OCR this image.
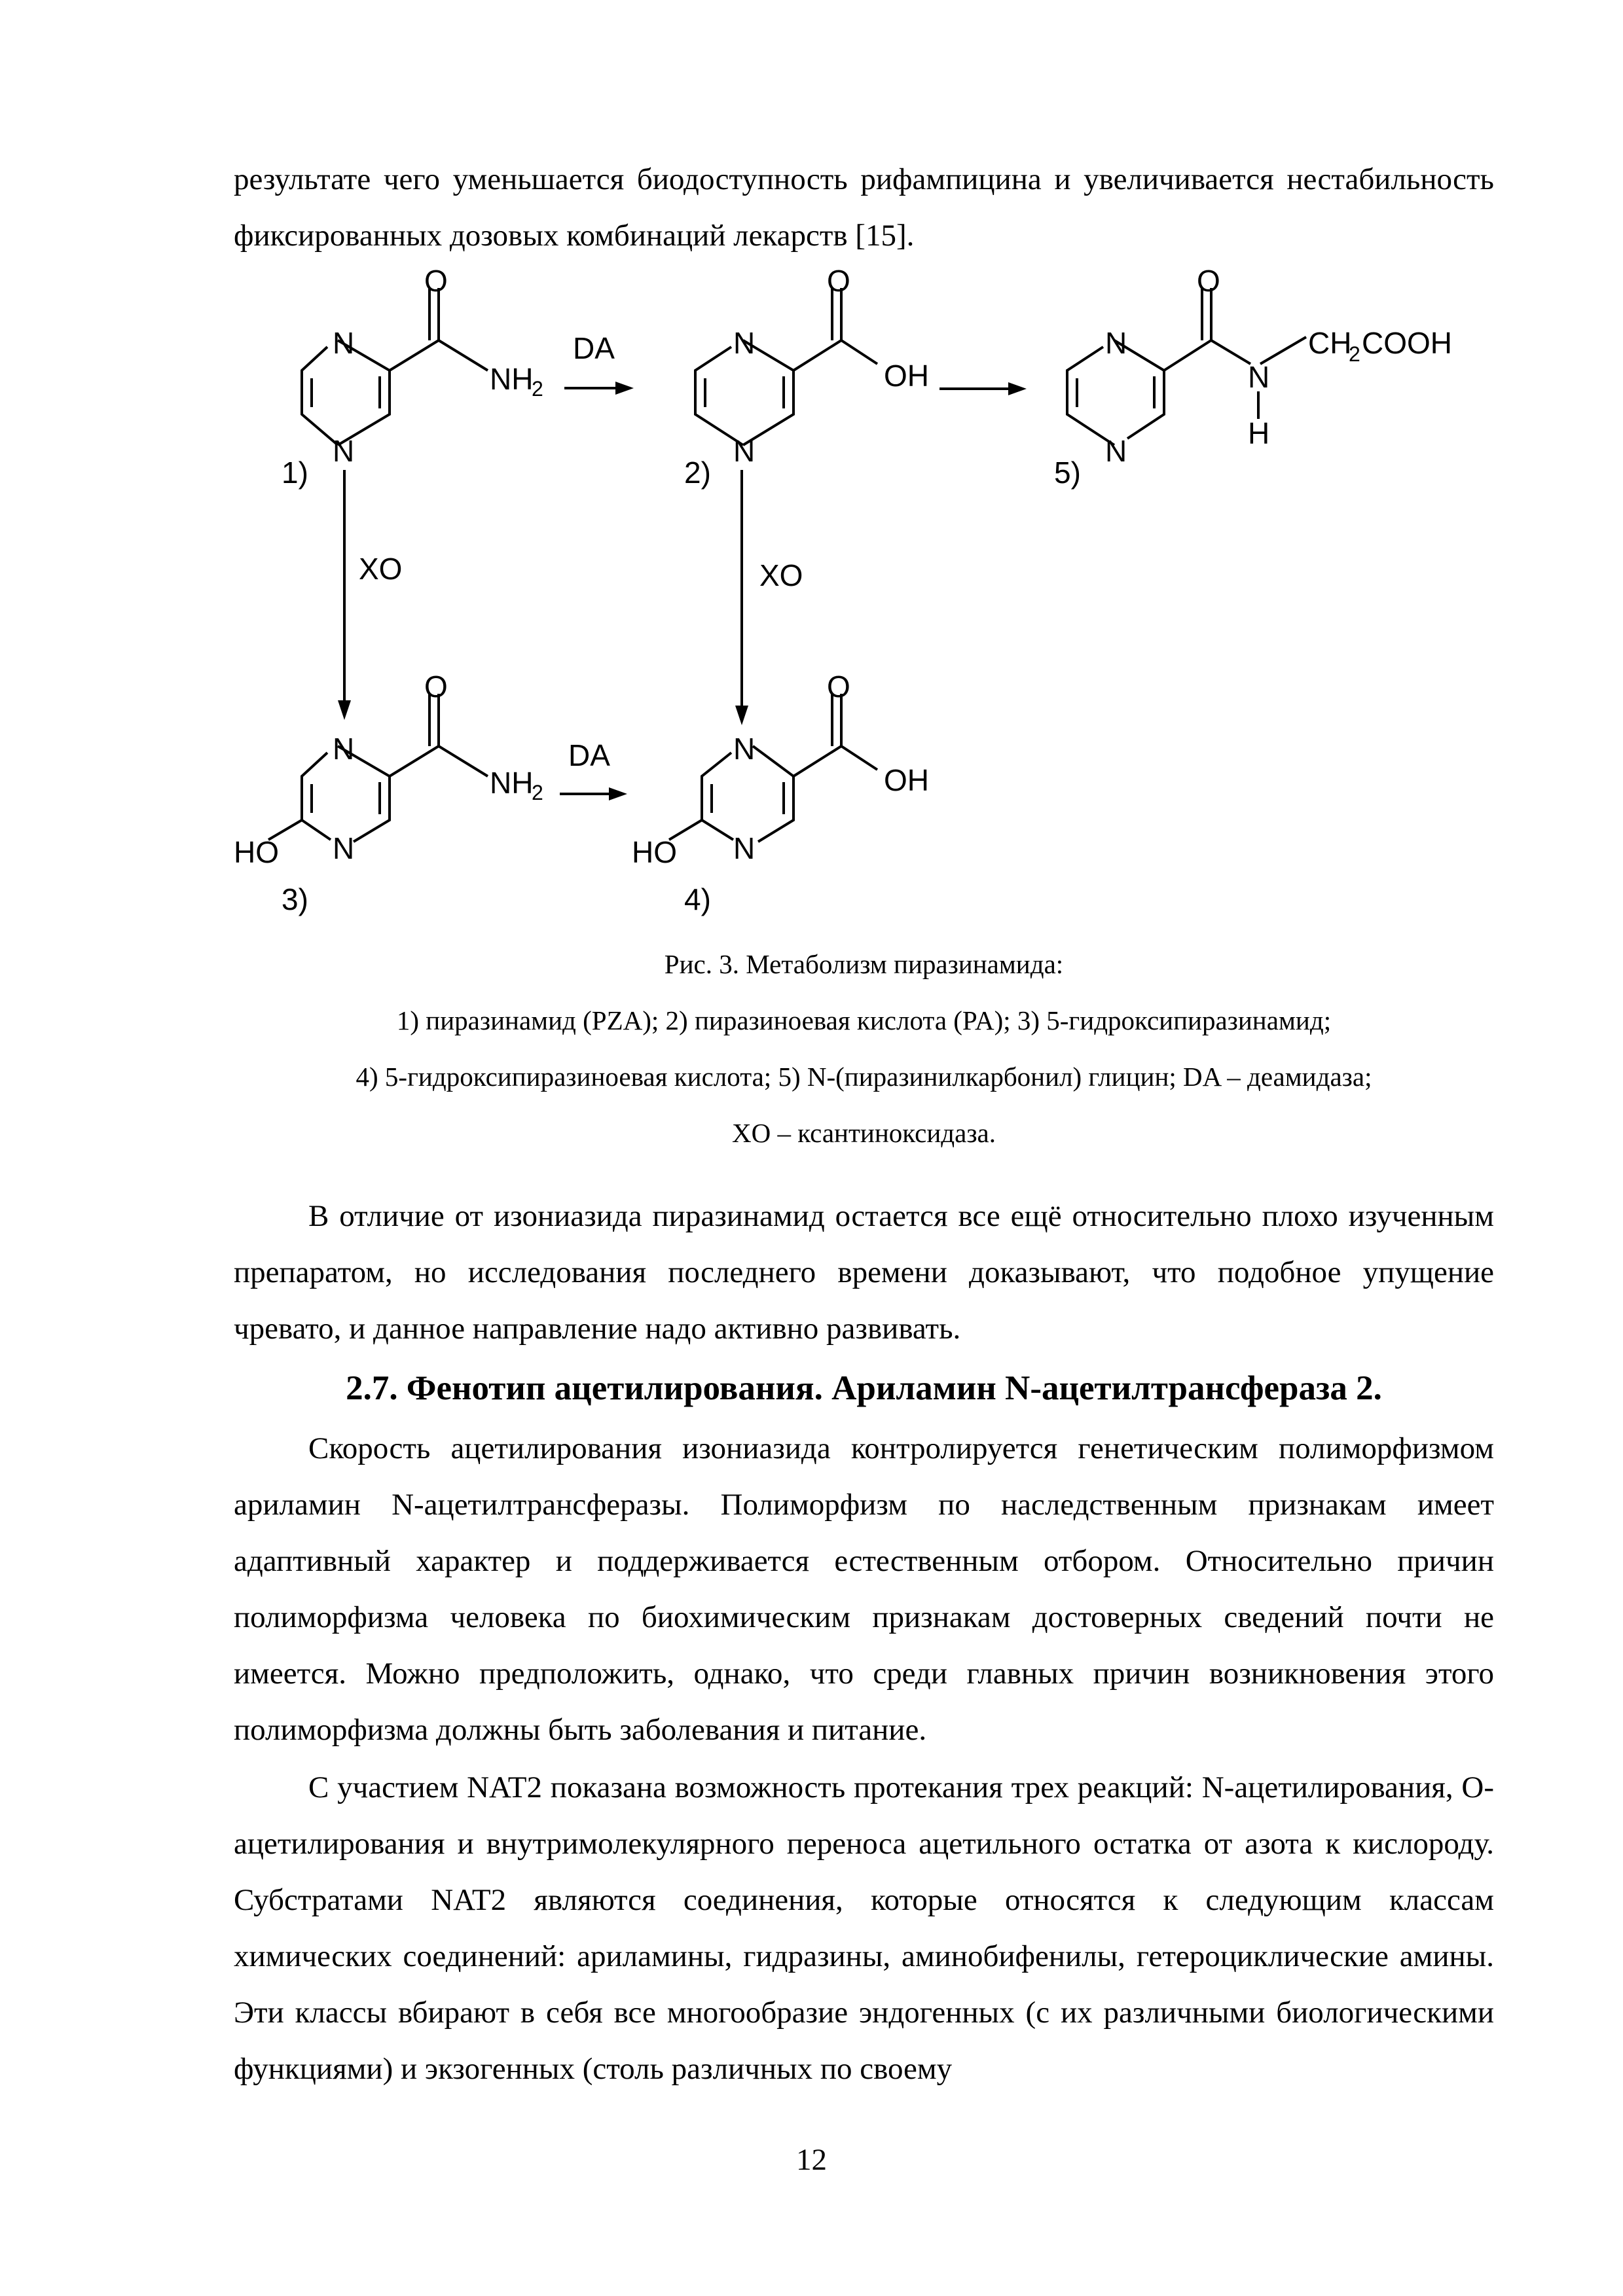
результате чего уменьшается биодоступность рифампицина и увеличивается нестабильность фиксированных дозовых комбинаций лекарств [15].

N
N
O
NH
2
1)
DA	N
N
O
OH
2)
N
N
O
N
H
CH
2 COOH
5)
XO	XO
N
N
O
NH
2
HO
3)
DA	N
N
O
OH
HO
4)
Рис. 3. Метаболизм пиразинамида:
1) пиразинамид (PZA); 2) пиразиноевая кислота (PA); 3) 5-гидроксипиразинамид;
4) 5-гидроксипиразиноевая кислота; 5) N-(пиразинилкарбонил) глицин; DA – деамидаза;
XO – ксантиноксидаза.

В отличие от изониазида пиразинамид остается все ещё относительно плохо изученным препаратом, но исследования последнего времени доказывают, что подобное упущение чревато, и данное направление надо активно развивать.

2.7. Фенотип ацетилирования. Ариламин N-ацетилтрансфераза 2.

Скорость ацетилирования изониазида контролируется генетическим полиморфизмом ариламин N-ацетилтрансферазы. Полиморфизм по наследственным признакам имеет адаптивный характер и поддерживается естественным отбором. Относительно причин полиморфизма человека по биохимическим признакам достоверных сведений почти не имеется. Можно предположить, однако, что среди главных причин возникновения этого полиморфизма должны быть заболевания и питание.

С участием NAT2 показана возможность протекания трех реакций: N-ацетилирования, О-ацетилирования и внутримолекулярного переноса ацетильного остатка от азота к кислороду. Субстратами NAT2 являются соединения, которые относятся к следующим классам химических соединений: ариламины, гидразины, аминобифенилы, гетероциклические амины. Эти классы вбирают в себя все многообразие эндогенных (с их различными биологическими функциями) и экзогенных (столь различных по своему

12
